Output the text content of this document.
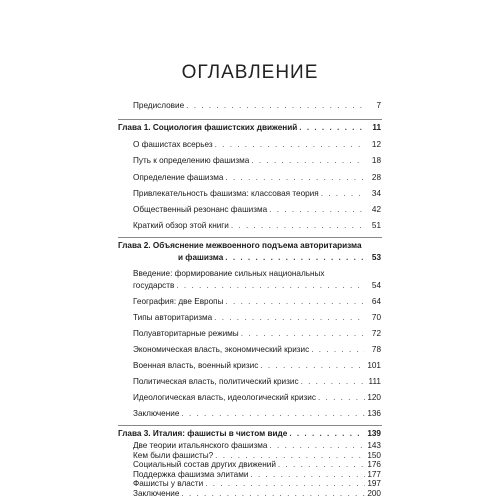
ОГЛАВЛЕНИЕ
Предисловие . . .	7
Глава 1. Социология фашистских движений . . .	11
О фашистах всерьез . . .	12
Путь к определению фашизма . . .	18
Определение фашизма . . .	28
Привлекательность фашизма: классовая теория . . .	34
Общественный резонанс фашизма . . .	42
Краткий обзор этой книги . . .	51
Глава 2. Объяснение межвоенного подъема авторитаризма
и фашизма . . .	53
Введение: формирование сильных национальных
государств . . .	54
География: две Европы . . .	64
Типы авторитаризма . . .	70
Полуавторитарные режимы . . .	72
Экономическая власть, экономический кризис . . .	78
Военная власть, военный кризис . . .	101
Политическая власть, политический кризис . . .	111
Идеологическая власть, идеологический кризис . . .	120
Заключение . . .	136
Глава 3. Италия: фашисты в чистом виде . . .	139
Две теории итальянского фашизма . . .	143
Кем были фашисты? . . .	150
Социальный состав других движений . . .	176
Поддержка фашизма элитами . . .	177
Фашисты у власти . . .	197
Заключение . . .	200
